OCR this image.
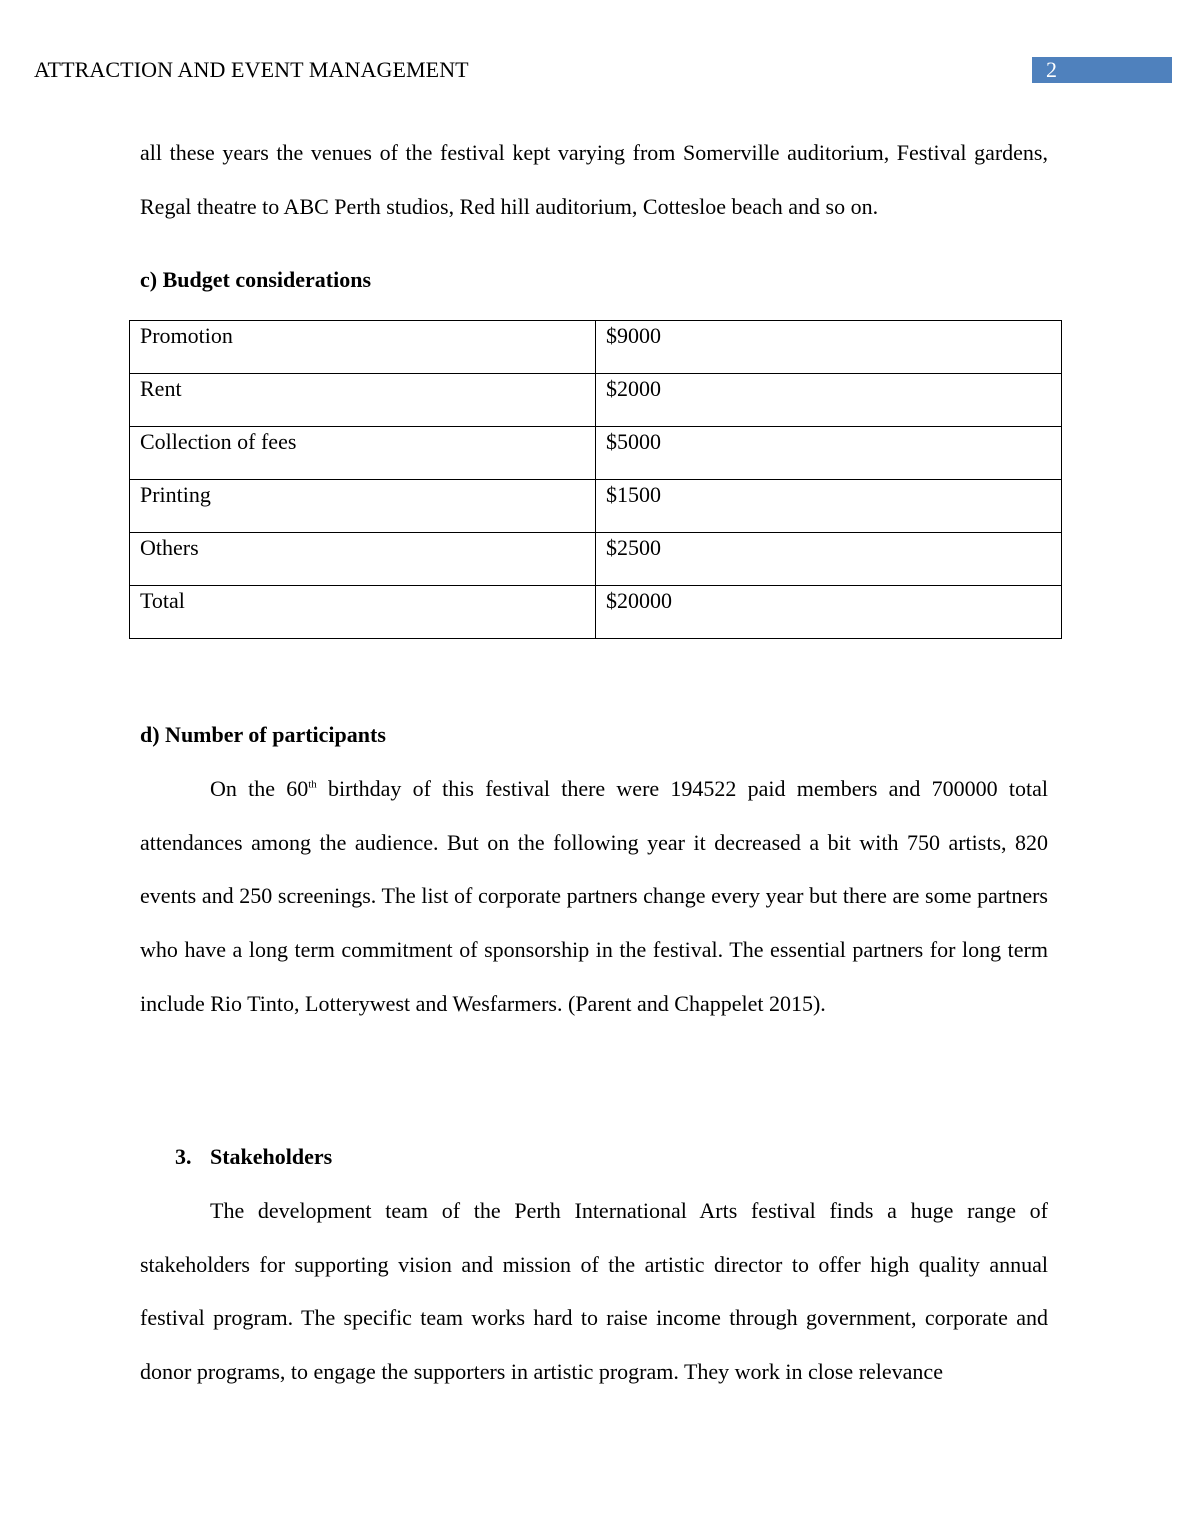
ATTRACTION AND EVENT MANAGEMENT	2

all these years the venues of the festival kept varying from Somerville auditorium, Festival gardens, Regal theatre to ABC Perth studios, Red hill auditorium, Cottesloe beach and so on.

c) Budget considerations
Promotion	$9000
Rent	$2000
Collection of fees	$5000
Printing	$1500
Others	$2500
Total	$20000
d) Number of participants

On the 60th birthday of this festival there were 194522 paid members and 700000 total attendances among the audience. But on the following year it decreased a bit with 750 artists, 820 events and 250 screenings. The list of corporate partners change every year but there are some partners who have a long term commitment of sponsorship in the festival. The essential partners for long term include Rio Tinto, Lotterywest and Wesfarmers. (Parent and Chappelet 2015).

3. Stakeholders

The development team of the Perth International Arts festival finds a huge range of stakeholders for supporting vision and mission of the artistic director to offer high quality annual festival program. The specific team works hard to raise income through government, corporate and donor programs, to engage the supporters in artistic program. They work in close relevance
